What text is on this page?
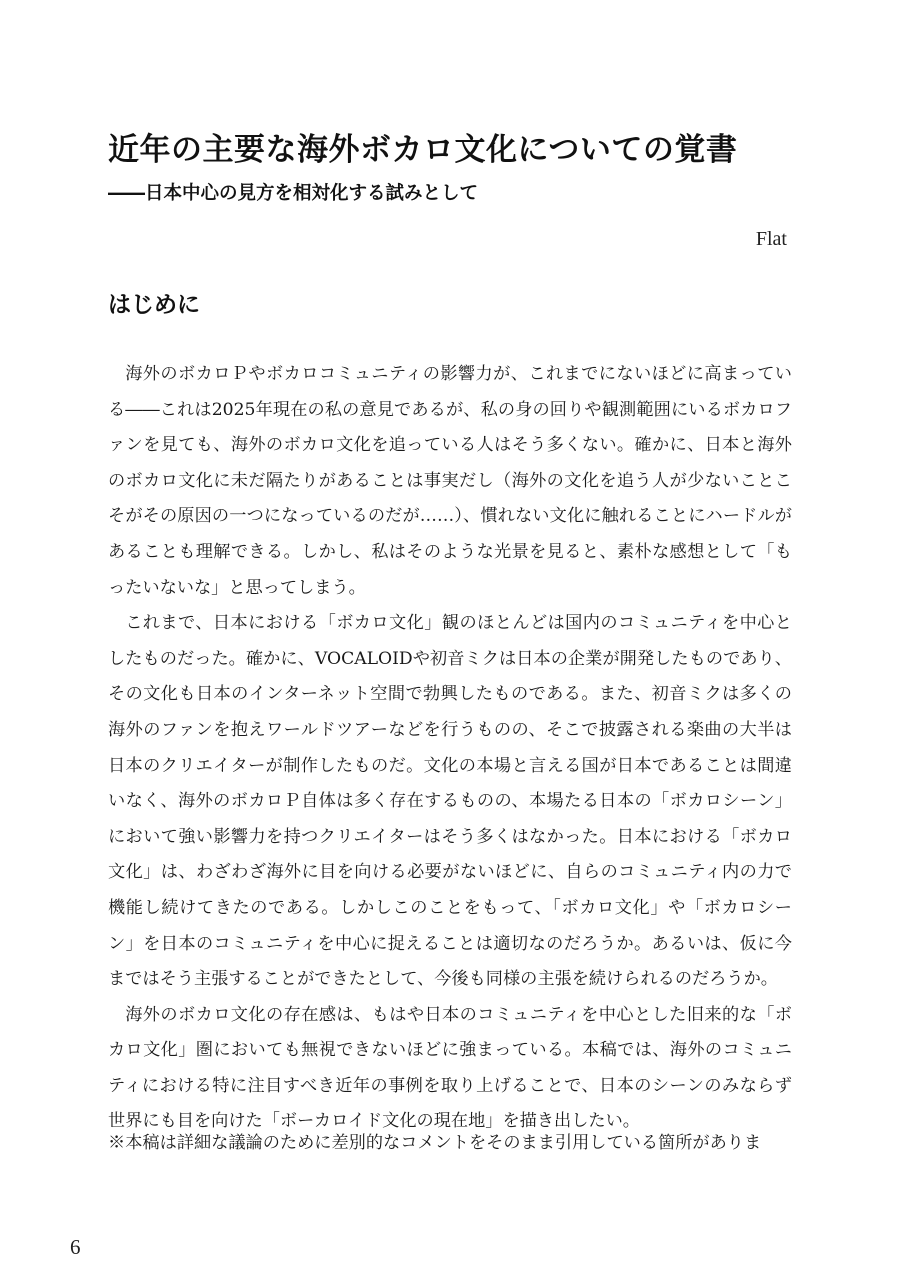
近年の主要な海外ボカロ文化についての覚書
――日本中心の見方を相対化する試みとして
Flat
はじめに

海外のボカロＰやボカロコミュニティの影響力が、これまでにないほどに高まっている――これは2025年現在の私の意見であるが、私の身の回りや観測範囲にいるボカロファンを見ても、海外のボカロ文化を追っている人はそう多くない。確かに、日本と海外のボカロ文化に未だ隔たりがあることは事実だし（海外の文化を追う人が少ないことこそがその原因の一つになっているのだが……）、慣れない文化に触れることにハードルがあることも理解できる。しかし、私はそのような光景を見ると、素朴な感想として「もったいないな」と思ってしまう。

これまで、日本における「ボカロ文化」観のほとんどは国内のコミュニティを中心としたものだった。確かに、VOCALOIDや初音ミクは日本の企業が開発したものであり、その文化も日本のインターネット空間で勃興したものである。また、初音ミクは多くの海外のファンを抱えワールドツアーなどを行うものの、そこで披露される楽曲の大半は日本のクリエイターが制作したものだ。文化の本場と言える国が日本であることは間違いなく、海外のボカロＰ自体は多く存在するものの、本場たる日本の「ボカロシーン」において強い影響力を持つクリエイターはそう多くはなかった。日本における「ボカロ文化」は、わざわざ海外に目を向ける必要がないほどに、自らのコミュニティ内の力で機能し続けてきたのである。しかしこのことをもって、「ボカロ文化」や「ボカロシーン」を日本のコミュニティを中心に捉えることは適切なのだろうか。あるいは、仮に今まではそう主張することができたとして、今後も同様の主張を続けられるのだろうか。

海外のボカロ文化の存在感は、もはや日本のコミュニティを中心とした旧来的な「ボカロ文化」圏においても無視できないほどに強まっている。本稿では、海外のコミュニティにおける特に注目すべき近年の事例を取り上げることで、日本のシーンのみならず世界にも目を向けた「ボーカロイド文化の現在地」を描き出したい。

※本稿は詳細な議論のために差別的なコメントをそのまま引用している箇所がありま
6
